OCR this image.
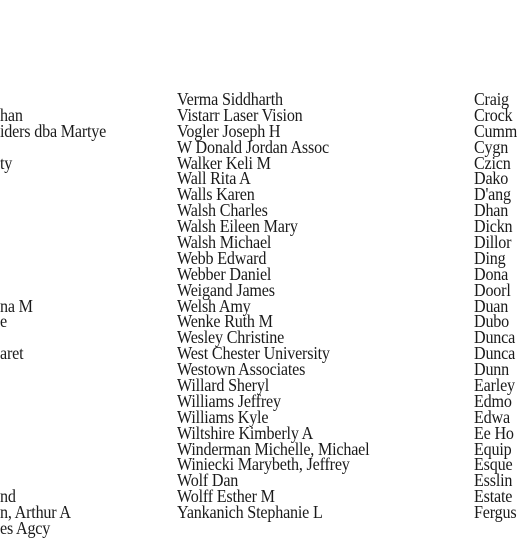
han
iders dba Martye
ty
na M
e
aret
nd
n, Arthur A
es Agcy
Verma Siddharth
Vistarr Laser Vision
Vogler Joseph H
W Donald Jordan Assoc
Walker Keli M
Wall Rita A
Walls Karen
Walsh Charles
Walsh Eileen Mary
Walsh Michael
Webb Edward
Webber Daniel
Weigand James
Welsh Amy
Wenke Ruth M
Wesley Christine
West Chester University
Westown Associates
Willard Sheryl
Williams Jeffrey
Williams Kyle
Wiltshire Kimberly A
Winderman Michelle, Michael
Winiecki Marybeth, Jeffrey
Wolf Dan
Wolff Esther M
Yankanich Stephanie L
Craig
Crock
Cumm
Cygn
Czicn
Dako
D'ang
Dhan
Dickn
Dillor
Ding
Dona
Doorl
Duan
Dubo
Dunca
Dunca
Dunn
Earley
Edmo
Edwa
Ee Ho
Equip
Esque
Esslin
Estate
Fergus
